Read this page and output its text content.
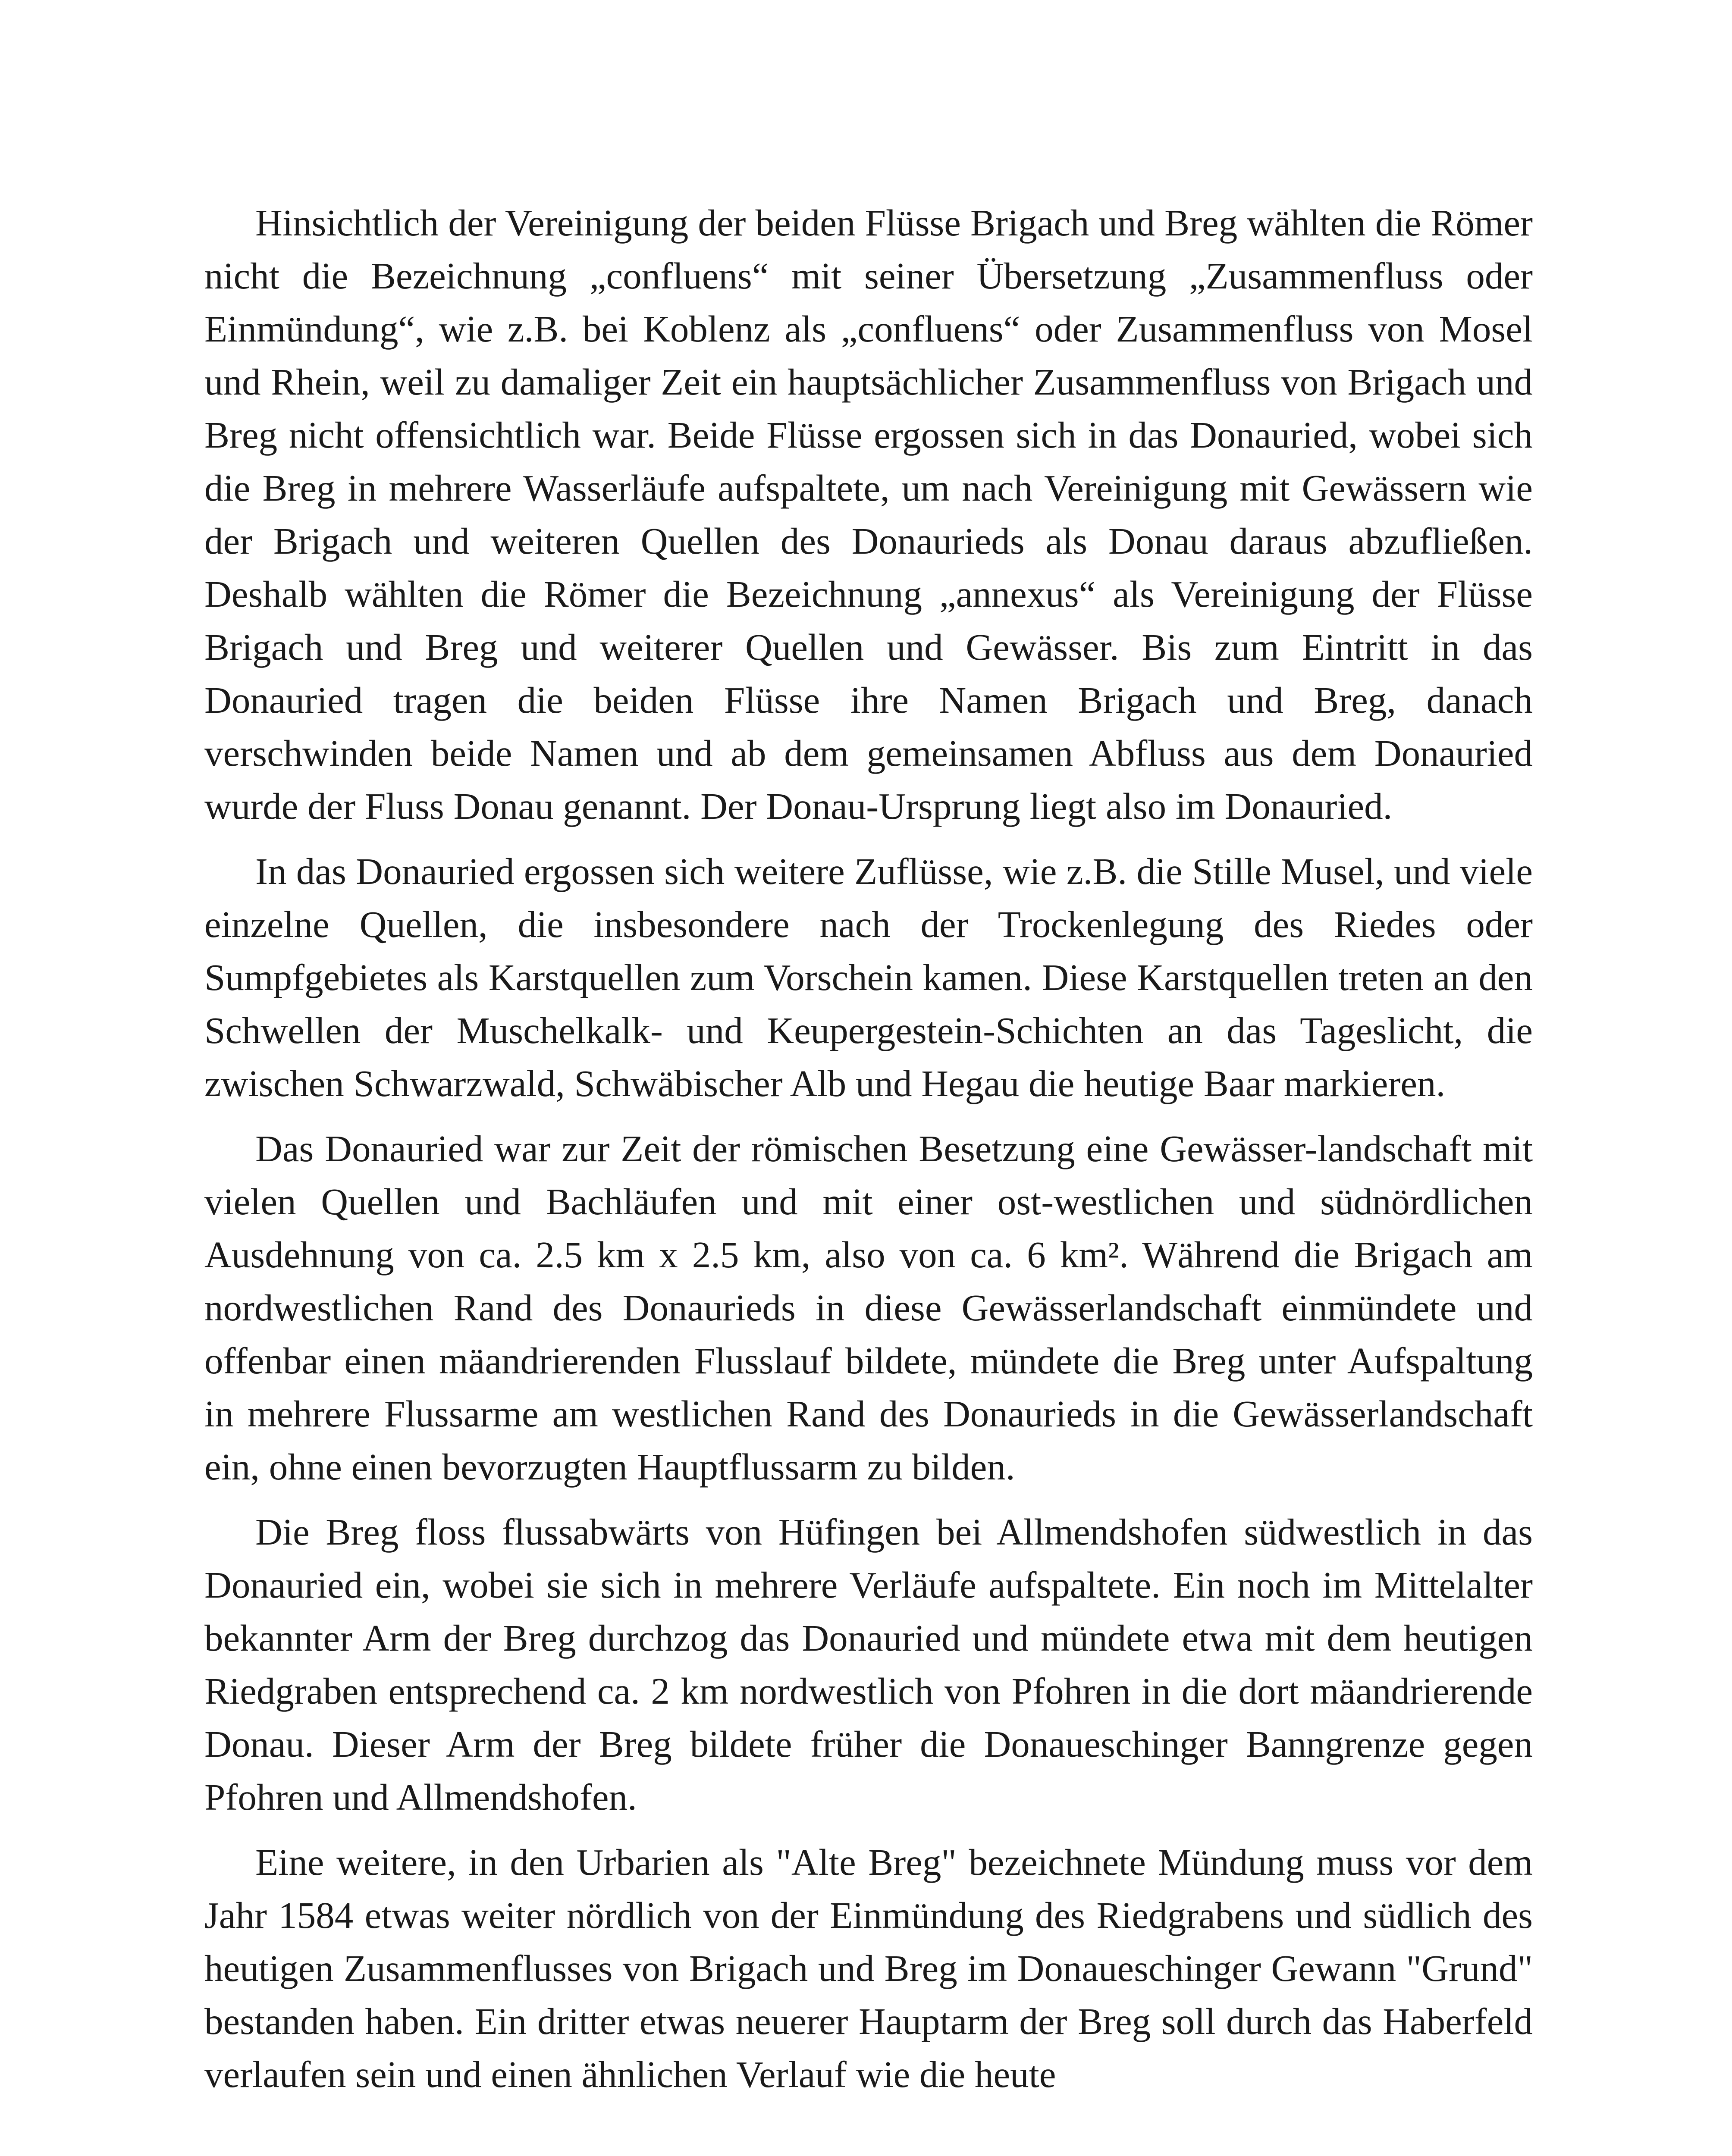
Hinsichtlich der Vereinigung der beiden Flüsse Brigach und Breg wählten die Römer nicht die Bezeichnung „confluens“ mit seiner Übersetzung „Zusammenfluss oder Einmündung“, wie z.B. bei Koblenz als „confluens“ oder Zusammenfluss von Mosel und Rhein, weil zu damaliger Zeit ein hauptsächlicher Zusammenfluss von Brigach und Breg nicht offensichtlich war. Beide Flüsse ergossen sich in das Donauried, wobei sich die Breg in mehrere Wasserläufe aufspaltete, um nach Vereinigung mit Gewässern wie der Brigach und weiteren Quellen des Donaurieds als Donau daraus abzufließen. Deshalb wählten die Römer die Bezeichnung „annexus“ als Vereinigung der Flüsse Brigach und Breg und weiterer Quellen und Gewässer. Bis zum Eintritt in das Donauried tragen die beiden Flüsse ihre Namen Brigach und Breg, danach verschwinden beide Namen und ab dem gemeinsamen Abfluss aus dem Donauried wurde der Fluss Donau genannt. Der Donau-Ursprung liegt also im Donauried.

In das Donauried ergossen sich weitere Zuflüsse, wie z.B. die Stille Musel, und viele einzelne Quellen, die insbesondere nach der Trockenlegung des Riedes oder Sumpfgebietes als Karstquellen zum Vorschein kamen. Diese Karstquellen treten an den Schwellen der Muschelkalk- und Keupergestein-Schichten an das Tageslicht, die zwischen Schwarzwald, Schwäbischer Alb und Hegau die heutige Baar markieren.

Das Donauried war zur Zeit der römischen Besetzung eine Gewässer-landschaft mit vielen Quellen und Bachläufen und mit einer ost-westlichen und südnördlichen Ausdehnung von ca. 2.5 km x 2.5 km, also von ca. 6 km². Während die Brigach am nordwestlichen Rand des Donaurieds in diese Gewässerlandschaft einmündete und offenbar einen mäandrierenden Flusslauf bildete, mündete die Breg unter Aufspaltung in mehrere Flussarme am westlichen Rand des Donaurieds in die Gewässerlandschaft ein, ohne einen bevorzugten Hauptflussarm zu bilden.

Die Breg floss flussabwärts von Hüfingen bei Allmendshofen südwestlich in das Donauried ein, wobei sie sich in mehrere Verläufe aufspaltete. Ein noch im Mittelalter bekannter Arm der Breg durchzog das Donauried und mündete etwa mit dem heutigen Riedgraben entsprechend ca. 2 km nordwestlich von Pfohren in die dort mäandrierende Donau. Dieser Arm der Breg bildete früher die Donaueschinger Banngrenze gegen Pfohren und Allmendshofen.

Eine weitere, in den Urbarien als "Alte Breg" bezeichnete Mündung muss vor dem Jahr 1584 etwas weiter nördlich von der Einmündung des Riedgrabens und südlich des heutigen Zusammenflusses von Brigach und Breg im Donaueschinger Gewann "Grund" bestanden haben. Ein dritter etwas neuerer Hauptarm der Breg soll durch das Haberfeld verlaufen sein und einen ähnlichen Verlauf wie die heute
